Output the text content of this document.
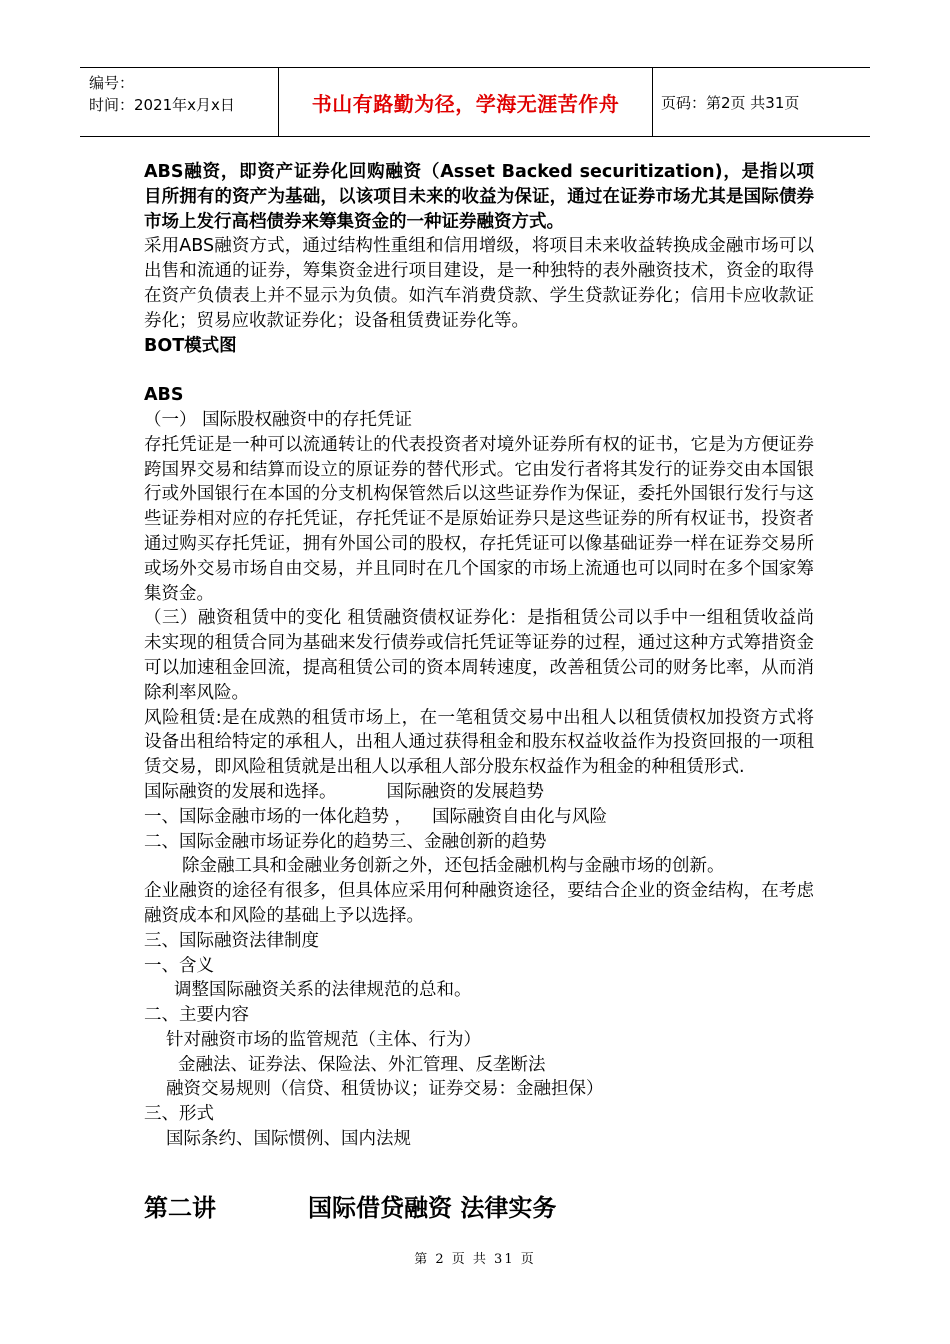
编号：
时间：2021年x月x日	书山有路勤为径，学海无涯苦作舟	页码：第2页 共31页

ABS融资，即资产证券化回购融资（Asset Backed securitization)，是指以项目所拥有的资产为基础，以该项目未来的收益为保证，通过在证券市场尤其是国际债券市场上发行高档债券来筹集资金的一种证券融资方式。

采用ABS融资方式，通过结构性重组和信用增级，将项目未来收益转换成金融市场可以出售和流通的证券，筹集资金进行项目建设，是一种独特的表外融资技术，资金的取得在资产负债表上并不显示为负债。如汽车消费贷款、学生贷款证券化；信用卡应收款证券化；贸易应收款证券化；设备租赁费证券化等。

BOT模式图

ABS

（一） 国际股权融资中的存托凭证

存托凭证是一种可以流通转让的代表投资者对境外证券所有权的证书，它是为方便证券跨国界交易和结算而设立的原证券的替代形式。它由发行者将其发行的证券交由本国银行或外国银行在本国的分支机构保管然后以这些证券作为保证，委托外国银行发行与这些证券相对应的存托凭证，存托凭证不是原始证券只是这些证券的所有权证书，投资者通过购买存托凭证，拥有外国公司的股权，存托凭证可以像基础证券一样在证券交易所或场外交易市场自由交易，并且同时在几个国家的市场上流通也可以同时在多个国家筹集资金。

（三）融资租赁中的变化 租赁融资债权证券化：是指租赁公司以手中一组租赁收益尚未实现的租赁合同为基础来发行债券或信托凭证等证券的过程，通过这种方式筹措资金可以加速租金回流，提高租赁公司的资本周转速度，改善租赁公司的财务比率，从而消除利率风险。

风险租赁:是在成熟的租赁市场上，在一笔租赁交易中出租人以租赁债权加投资方式将设备出租给特定的承租人，出租人通过获得租金和股东权益收益作为投资回报的一项租赁交易，即风险租赁就是出租人以承租人部分股东权益作为租金的种租赁形式.

国际融资的发展和选择。	国际融资的发展趋势

一、国际金融市场的一体化趋势 ， 国际融资自由化与风险

二、国际金融市场证券化的趋势三、金融创新的趋势

除金融工具和金融业务创新之外，还包括金融机构与金融市场的创新。

企业融资的途径有很多，但具体应采用何种融资途径，要结合企业的资金结构，在考虑融资成本和风险的基础上予以选择。

三、国际融资法律制度

一、含义

调整国际融资关系的法律规范的总和。

二、主要内容

针对融资市场的监管规范（主体、行为）

金融法、证券法、保险法、外汇管理、反垄断法

融资交易规则（信贷、租赁协议；证券交易：金融担保）

三、形式

国际条约、国际惯例、国内法规

第二讲	国际借贷融资 法律实务
第 2 页 共 31 页
